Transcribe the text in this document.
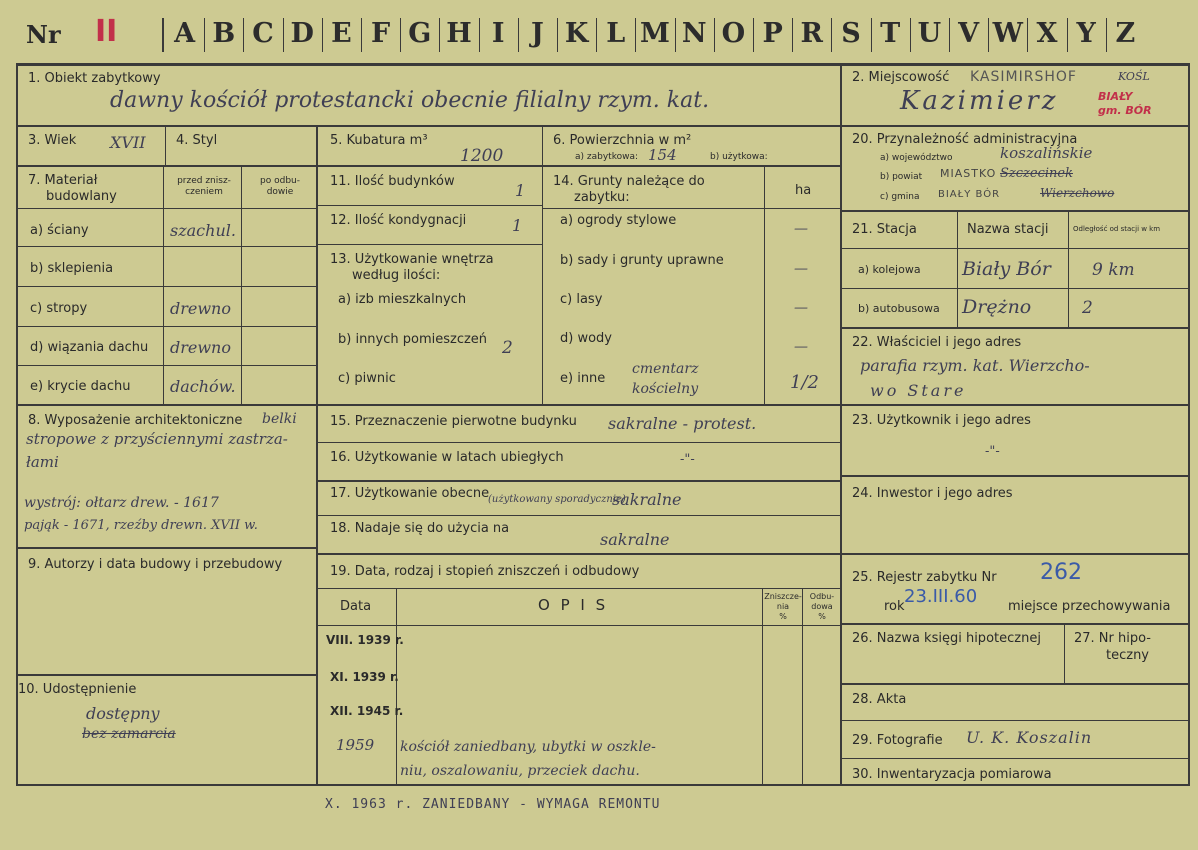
Nr II	A B C D E F G H I J K L M N O P R S T U V W X Y Z
1. Obiekt zabytkowy
dawny kościół protestancki obecnie filialny rzym. kat.
2. Miejscowość KASIMIRSHOF
Kazimierz	BIAŁY gm. BÓR
KOŚL
3. Wiek XVII 4. Styl	5. Kubatura m³
1200
6. Powierzchnia w m²
a) zabytkowa: 154	b) użytkowa:
7. Materiał
budowlany
przed znisz-
czeniem
po odbu-
dowie
a) ściany	szachul.
b) sklepienia
c) stropy	drewno
d) wiązania dachu drewno
e) krycie dachu dachów.
8. Wyposażenie architektoniczne belki
stropowe z przyściennymi zastrza-
łami
wystrój: ołtarz drew. - 1617
pająk - 1671, rzeźby drewn. XVII w.
9. Autorzy i data budowy i przebudowy
10. Udostępnienie
dostępny
bez zamarcia
11. Ilość budynków	1
12. Ilość kondygnacji	1
13. Użytkowanie wnętrza
według ilości:
a) izb mieszkalnych
b) innych pomieszczeń 2
c) piwnic
14. Grunty należące do
zabytku:	ha
a) ogrody stylowe
—
b) sady i grunty uprawne
—
c) lasy
—
d) wody
—
e) inne
cmentarz
kościelny	1/2
15. Przeznaczenie pierwotne budynku sakralne - protest.
16. Użytkowanie w latach ubiegłych	-"-
17. Użytkowanie obecne
(użytkowany sporadycznie)
sakralne
18. Nadaje się do użycia na
sakralne
19. Data, rodzaj i stopień zniszczeń i odbudowy
Data	O P I S	Zniszcze-
nia
%
Odbu-
dowa
%
VIII. 1939 r.
XI. 1939 r.
XII. 1945 r.
1959 kościół zaniedbany, ubytki w oszkle-
niu, oszalowaniu, przeciek dachu.
20. Przynależność administracyjna
a) województwo	koszalińskie
b) powiat MIASTKO Szczecinek
c) gmina BIAŁY BÓR	Wierzchowo
21. Stacja	Nazwa stacji	Odległość od stacji w km
a) kolejowa Biały Bór 9 km
b) autobusowa Drężno	2
22. Właściciel i jego adres
parafia rzym. kat. Wierzcho-
wo Stare
23. Użytkownik i jego adres
-"-
24. Inwestor i jego adres
25. Rejestr zabytku Nr 262
rok 23.III.60 miejsce przechowywania
26. Nazwa księgi hipotecznej	27. Nr hipo-
teczny
28. Akta
29. Fotografie U. K. Koszalin
30. Inwentaryzacja pomiarowa
X. 1963 r. ZANIEDBANY - WYMAGA REMONTU
